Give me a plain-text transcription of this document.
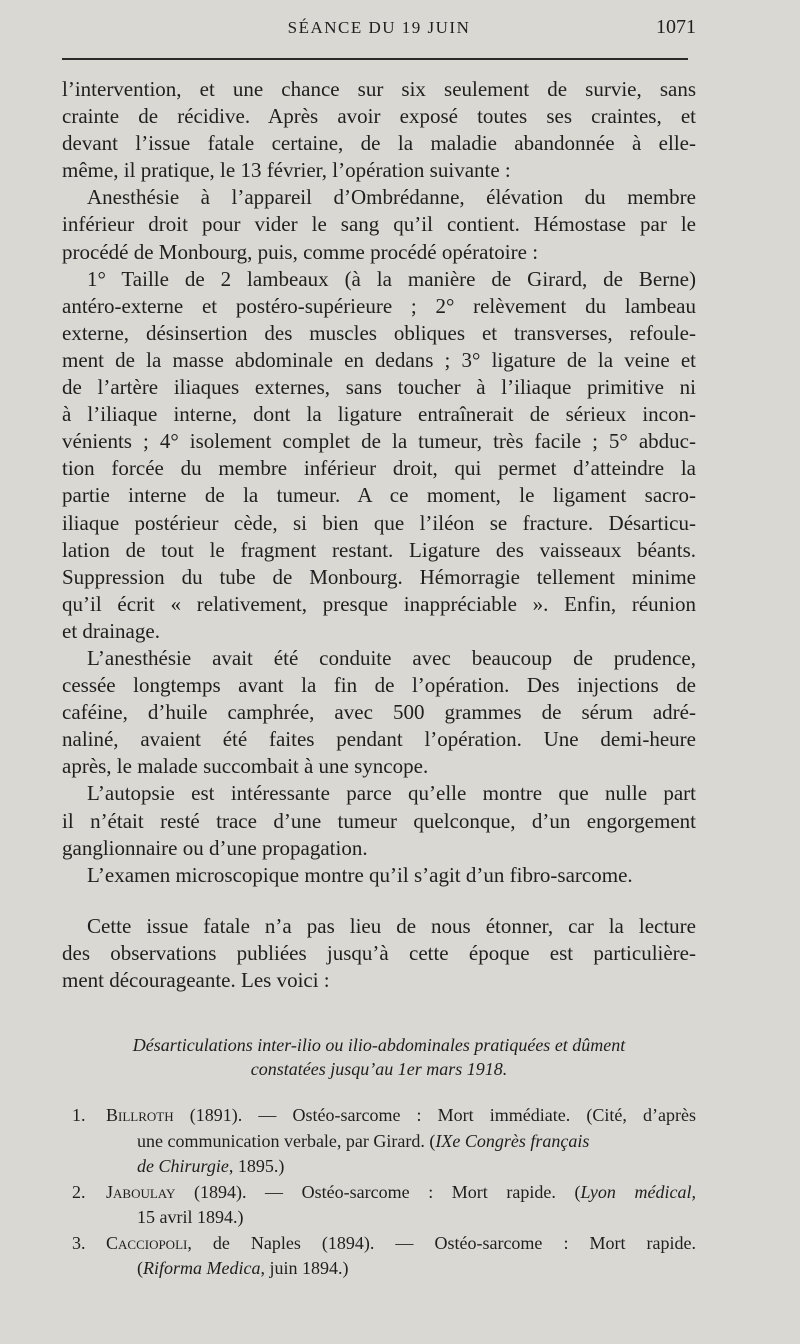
SÉANCE DU 19 JUIN	1071

l’intervention, et une chance sur six seulement de survie, sans

crainte de récidive. Après avoir exposé toutes ses craintes, et

devant l’issue fatale certaine, de la maladie abandonnée à elle-

même, il pratique, le 13 février, l’opération suivante :

Anesthésie à l’appareil d’Ombrédanne, élévation du membre

inférieur droit pour vider le sang qu’il contient. Hémostase par le

procédé de Monbourg, puis, comme procédé opératoire :

1° Taille de 2 lambeaux (à la manière de Girard, de Berne)

antéro-externe et postéro-supérieure ; 2° relèvement du lambeau

externe, désinsertion des muscles obliques et transverses, refoule-

ment de la masse abdominale en dedans ; 3° ligature de la veine et

de l’artère iliaques externes, sans toucher à l’iliaque primitive ni

à l’iliaque interne, dont la ligature entraînerait de sérieux incon-

vénients ; 4° isolement complet de la tumeur, très facile ; 5° abduc-

tion forcée du membre inférieur droit, qui permet d’atteindre la

partie interne de la tumeur. A ce moment, le ligament sacro-

iliaque postérieur cède, si bien que l’iléon se fracture. Désarticu-

lation de tout le fragment restant. Ligature des vaisseaux béants.

Suppression du tube de Monbourg. Hémorragie tellement minime

qu’il écrit « relativement, presque inappréciable ». Enfin, réunion

et drainage.

L’anesthésie avait été conduite avec beaucoup de prudence,

cessée longtemps avant la fin de l’opération. Des injections de

caféine, d’huile camphrée, avec 500 grammes de sérum adré-

naliné, avaient été faites pendant l’opération. Une demi-heure

après, le malade succombait à une syncope.

L’autopsie est intéressante parce qu’elle montre que nulle part

il n’était resté trace d’une tumeur quelconque, d’un engorgement

ganglionnaire ou d’une propagation.

L’examen microscopique montre qu’il s’agit d’un fibro-sarcome.

Cette issue fatale n’a pas lieu de nous étonner, car la lecture

des observations publiées jusqu’à cette époque est particulière-

ment décourageante. Les voici :

Désarticulations inter-ilio ou ilio-abdominales pratiquées et dûment

constatées jusqu’au 1er mars 1918.

1. Billroth (1891). — Ostéo-sarcome : Mort immédiate. (Cité, d’après

une communication verbale, par Girard. (IXe Congrès français

de Chirurgie, 1895.)

2. Jaboulay (1894). — Ostéo-sarcome : Mort rapide. (Lyon médical,

15 avril 1894.)

3. Cacciopoli, de Naples (1894). — Ostéo-sarcome : Mort rapide.

(Riforma Medica, juin 1894.)
